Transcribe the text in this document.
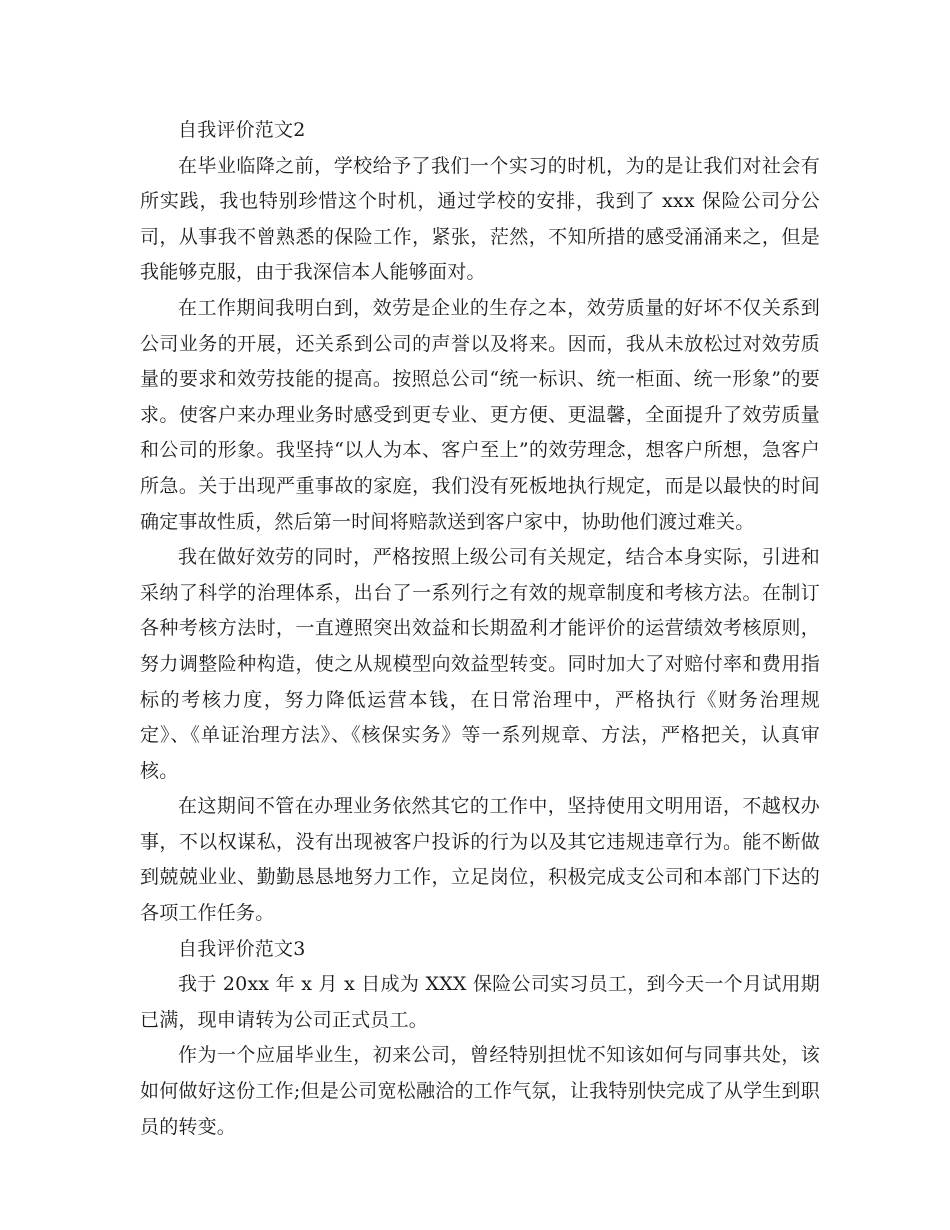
自我评价范文2

在毕业临降之前，学校给予了我们一个实习的时机，为的是让我们对社会有所实践，我也特别珍惜这个时机，通过学校的安排，我到了 xxx 保险公司分公司，从事我不曾熟悉的保险工作，紧张，茫然，不知所措的感受涌涌来之，但是我能够克服，由于我深信本人能够面对。

在工作期间我明白到，效劳是企业的生存之本，效劳质量的好坏不仅关系到公司业务的开展，还关系到公司的声誉以及将来。因而，我从未放松过对效劳质量的要求和效劳技能的提高。按照总公司“统一标识、统一柜面、统一形象”的要求。使客户来办理业务时感受到更专业、更方便、更温馨，全面提升了效劳质量和公司的形象。我坚持“以人为本、客户至上”的效劳理念，想客户所想，急客户所急。关于出现严重事故的家庭，我们没有死板地执行规定，而是以最快的时间确定事故性质，然后第一时间将赔款送到客户家中，协助他们渡过难关。

我在做好效劳的同时，严格按照上级公司有关规定，结合本身实际，引进和采纳了科学的治理体系，出台了一系列行之有效的规章制度和考核方法。在制订各种考核方法时，一直遵照突出效益和长期盈利才能评价的运营绩效考核原则，努力调整险种构造，使之从规模型向效益型转变。同时加大了对赔付率和费用指标的考核力度，努力降低运营本钱，在日常治理中，严格执行《财务治理规定》、《单证治理方法》、《核保实务》等一系列规章、方法，严格把关，认真审核。

在这期间不管在办理业务依然其它的工作中，坚持使用文明用语，不越权办事，不以权谋私，没有出现被客户投诉的行为以及其它违规违章行为。能不断做到兢兢业业、勤勤恳恳地努力工作，立足岗位，积极完成支公司和本部门下达的各项工作任务。

自我评价范文3

我于 20xx 年 x 月 x 日成为 XXX 保险公司实习员工，到今天一个月试用期已满，现申请转为公司正式员工。

作为一个应届毕业生，初来公司，曾经特别担忧不知该如何与同事共处，该如何做好这份工作;但是公司宽松融洽的工作气氛，让我特别快完成了从学生到职员的转变。
